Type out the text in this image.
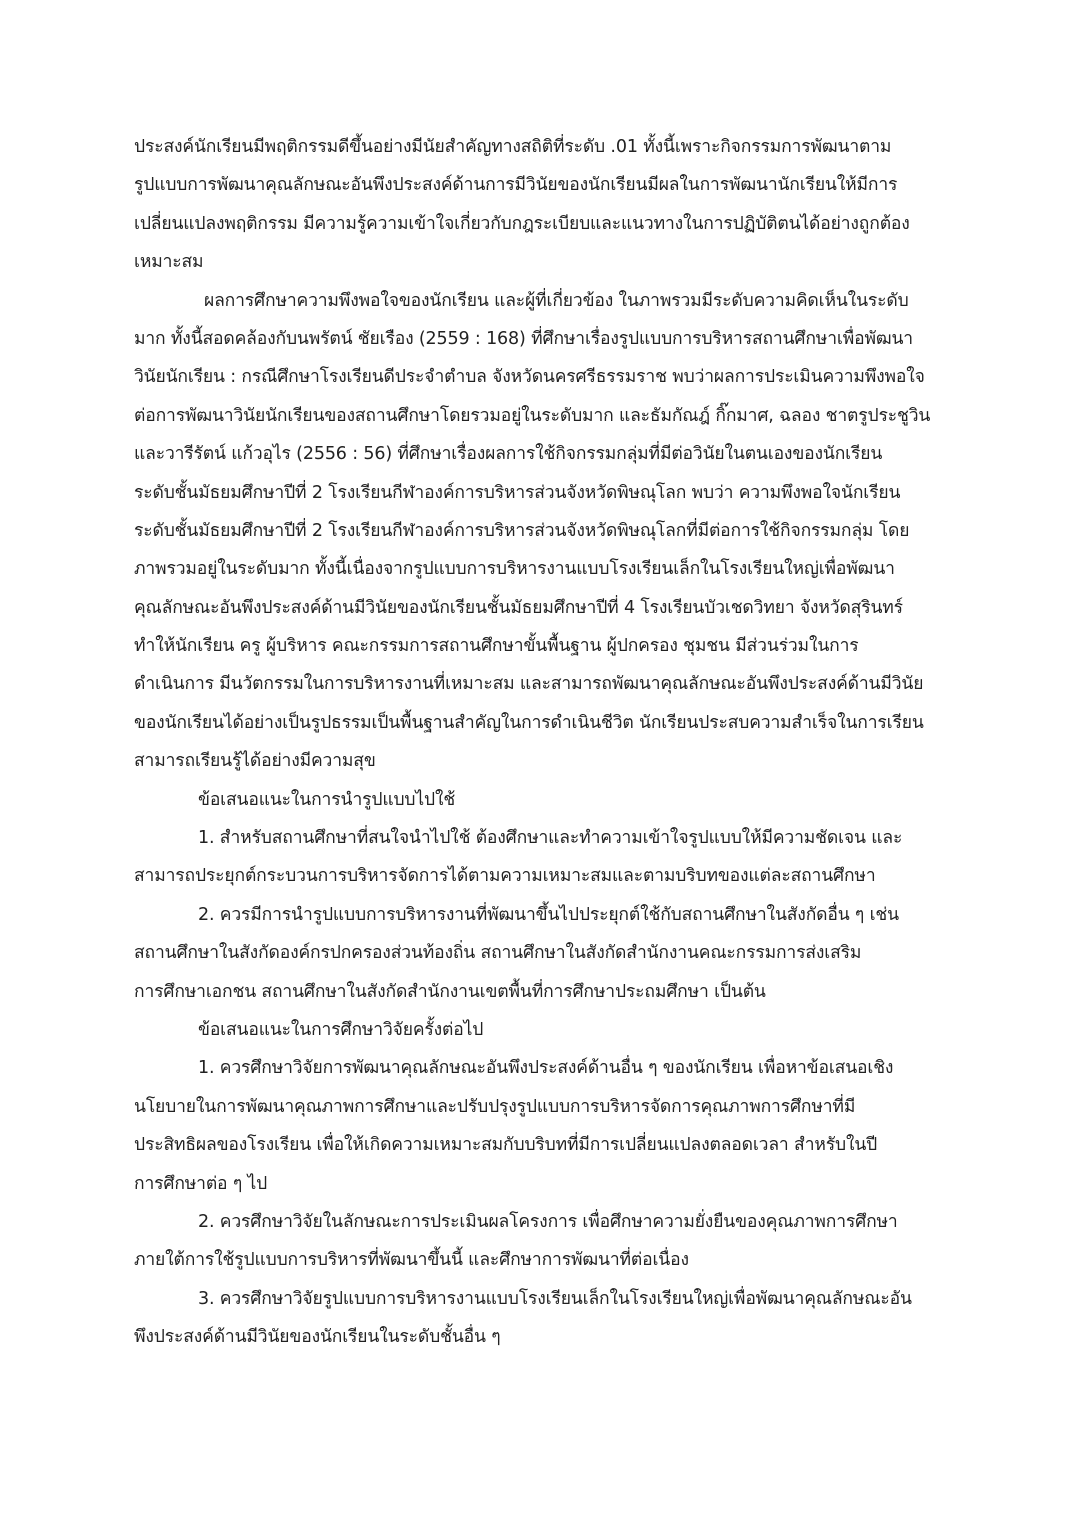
ประสงค์นักเรียนมีพฤติกรรมดีขึ้นอย่างมีนัยสำคัญทางสถิติที่ระดับ .01 ทั้งนี้เพราะกิจกรรมการพัฒนาตาม
รูปแบบการพัฒนาคุณลักษณะอันพึงประสงค์ด้านการมีวินัยของนักเรียนมีผลในการพัฒนานักเรียนให้มีการ
เปลี่ยนแปลงพฤติกรรม มีความรู้ความเข้าใจเกี่ยวกับกฎระเบียบและแนวทางในการปฏิบัติตนได้อย่างถูกต้อง
เหมาะสม
ผลการศึกษาความพึงพอใจของนักเรียน และผู้ที่เกี่ยวข้อง ในภาพรวมมีระดับความคิดเห็นในระดับ
มาก ทั้งนี้สอดคล้องกับนพรัตน์ ชัยเรือง (2559 : 168) ที่ศึกษาเรื่องรูปแบบการบริหารสถานศึกษาเพื่อพัฒนา
วินัยนักเรียน : กรณีศึกษาโรงเรียนดีประจำตำบล จังหวัดนครศรีธรรมราช พบว่าผลการประเมินความพึงพอใจ
ต่อการพัฒนาวินัยนักเรียนของสถานศึกษาโดยรวมอยู่ในระดับมาก และธัมกัณฎ์ กิ๊กมาศ, ฉลอง ชาตรูประชูวิน
และวารีรัตน์ แก้วอุไร (2556 : 56) ที่ศึกษาเรื่องผลการใช้กิจกรรมกลุ่มที่มีต่อวินัยในตนเองของนักเรียน
ระดับชั้นมัธยมศึกษาปีที่ 2 โรงเรียนกีฬาองค์การบริหารส่วนจังหวัดพิษณุโลก พบว่า ความพึงพอใจนักเรียน
ระดับชั้นมัธยมศึกษาปีที่ 2 โรงเรียนกีฬาองค์การบริหารส่วนจังหวัดพิษณุโลกที่มีต่อการใช้กิจกรรมกลุ่ม โดย
ภาพรวมอยู่ในระดับมาก ทั้งนี้เนื่องจากรูปแบบการบริหารงานแบบโรงเรียนเล็กในโรงเรียนใหญ่เพื่อพัฒนา
คุณลักษณะอันพึงประสงค์ด้านมีวินัยของนักเรียนชั้นมัธยมศึกษาปีที่ 4 โรงเรียนบัวเชดวิทยา จังหวัดสุรินทร์
ทำให้นักเรียน ครู ผู้บริหาร คณะกรรมการสถานศึกษาขั้นพื้นฐาน ผู้ปกครอง ชุมชน มีส่วนร่วมในการ
ดำเนินการ มีนวัตกรรมในการบริหารงานที่เหมาะสม และสามารถพัฒนาคุณลักษณะอันพึงประสงค์ด้านมีวินัย
ของนักเรียนได้อย่างเป็นรูปธรรมเป็นพื้นฐานสำคัญในการดำเนินชีวิต นักเรียนประสบความสำเร็จในการเรียน
สามารถเรียนรู้ได้อย่างมีความสุข
ข้อเสนอแนะในการนำรูปแบบไปใช้
1. สำหรับสถานศึกษาที่สนใจนำไปใช้ ต้องศึกษาและทำความเข้าใจรูปแบบให้มีความชัดเจน และ
สามารถประยุกต์กระบวนการบริหารจัดการได้ตามความเหมาะสมและตามบริบทของแต่ละสถานศึกษา
2. ควรมีการนำรูปแบบการบริหารงานที่พัฒนาขึ้นไปประยุกต์ใช้กับสถานศึกษาในสังกัดอื่น ๆ เช่น
สถานศึกษาในสังกัดองค์กรปกครองส่วนท้องถิ่น สถานศึกษาในสังกัดสำนักงานคณะกรรมการส่งเสริม
การศึกษาเอกชน สถานศึกษาในสังกัดสำนักงานเขตพื้นที่การศึกษาประถมศึกษา เป็นต้น
ข้อเสนอแนะในการศึกษาวิจัยครั้งต่อไป
1. ควรศึกษาวิจัยการพัฒนาคุณลักษณะอันพึงประสงค์ด้านอื่น ๆ ของนักเรียน เพื่อหาข้อเสนอเชิง
นโยบายในการพัฒนาคุณภาพการศึกษาและปรับปรุงรูปแบบการบริหารจัดการคุณภาพการศึกษาที่มี
ประสิทธิผลของโรงเรียน เพื่อให้เกิดความเหมาะสมกับบริบทที่มีการเปลี่ยนแปลงตลอดเวลา สำหรับในปี
การศึกษาต่อ ๆ ไป
2. ควรศึกษาวิจัยในลักษณะการประเมินผลโครงการ เพื่อศึกษาความยั่งยืนของคุณภาพการศึกษา
ภายใต้การใช้รูปแบบการบริหารที่พัฒนาขึ้นนี้ และศึกษาการพัฒนาที่ต่อเนื่อง
3. ควรศึกษาวิจัยรูปแบบการบริหารงานแบบโรงเรียนเล็กในโรงเรียนใหญ่เพื่อพัฒนาคุณลักษณะอัน
พึงประสงค์ด้านมีวินัยของนักเรียนในระดับชั้นอื่น ๆ
